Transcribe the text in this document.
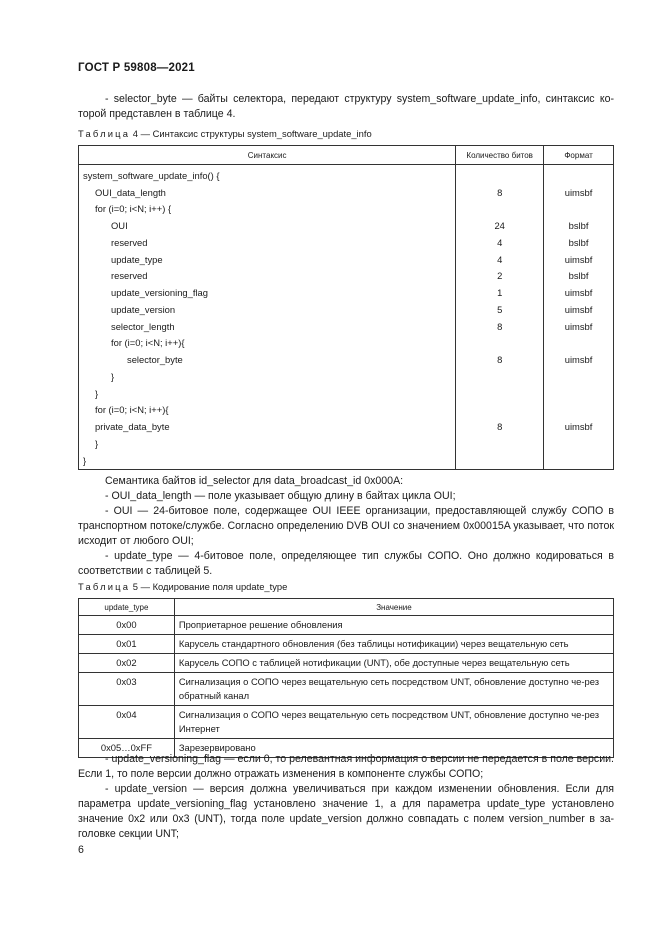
ГОСТ Р 59808—2021

- selector_byte — байты селектора, передают структуру system_software_update_info, синтаксис ко-торой представлен в таблице 4.

Таблица 4 — Синтаксис структуры system_software_update_info
Синтаксис	Количество битов	Формат
system_software_update_info() {		
OUI_data_length	8	uimsbf
for (i=0; i<N; i++) {		
OUI	24	bslbf
reserved	4	bslbf
update_type	4	uimsbf
reserved	2	bslbf
update_versioning_flag	1	uimsbf
update_version	5	uimsbf
selector_length	8	uimsbf
for (i=0; i<N; i++){		
selector_byte	8	uimsbf
}		
}		
for (i=0; i<N; i++){		
private_data_byte	8	uimsbf
}		
}		

Семантика байтов id_selector для data_broadcast_id 0x000A:

- OUI_data_length — поле указывает общую длину в байтах цикла OUI;

- OUI — 24-битовое поле, содержащее OUI IEEE организации, предоставляющей службу СОПО в транспортном потоке/службе. Согласно определению DVB OUI со значением 0x00015A указывает, что поток исходит от любого OUI;

- update_type — 4-битовое поле, определяющее тип службы СОПО. Оно должно кодироваться в соответствии с таблицей 5.

Таблица 5 — Кодирование поля update_type
update_type	Значение
0x00	Проприетарное решение обновления
0x01	Карусель стандартного обновления (без таблицы нотификации) через вещательную сеть
0x02	Карусель СОПО с таблицей нотификации (UNT), обе доступные через вещательную сеть
0x03	Сигнализация о СОПО через вещательную сеть посредством UNT, обновление доступно че-рез обратный канал
0x04	Сигнализация о СОПО через вещательную сеть посредством UNT, обновление доступно че-рез Интернет
0x05…0xFF	Зарезервировано

- update_versioning_flag — если 0, то релевантная информация о версии не передается в поле версии. Если 1, то поле версии должно отражать изменения в компоненте службы СОПО;

- update_version — версия должна увеличиваться при каждом изменении обновления. Если для параметра update_versioning_flag установлено значение 1, а для параметра update_type установлено значение 0x2 или 0x3 (UNT), тогда поле update_version должно совпадать с полем version_number в за-головке секции UNT;

6
